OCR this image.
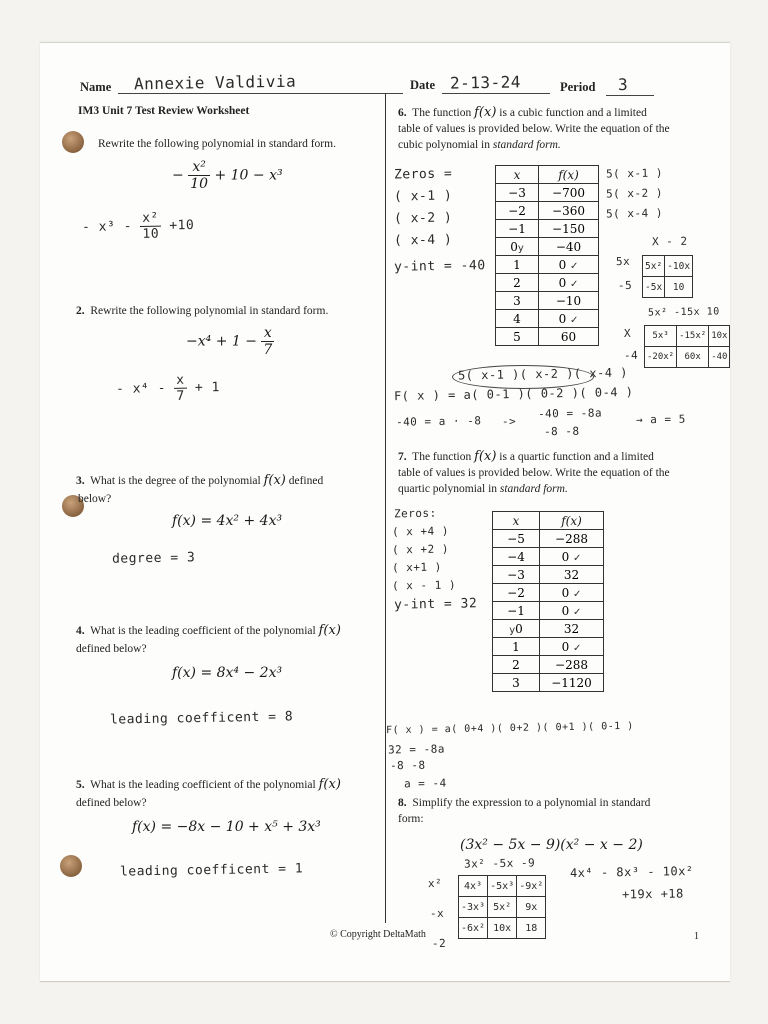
Name Annexie Valdivia	Date 2-13-24	Period 3
IM3 Unit 7 Test Review Worksheet
Rewrite the following polynomial in standard form.
− $\frac{\text{x²}}{10} + 10 - x^3$
- $x^3 - \frac{\text{x²}}{10} +10$
2. Rewrite the following polynomial in standard form.
$-x^4 + 1 - \frac{x}{7}$
- $x^4 - \frac{x}{7} + 1$
3. What is the degree of the polynomial f(x) defined
below?
f(x) = 4x² + 4x³
degree = 3
4. What is the leading coefficient of the polynomial f(x)
defined below?
f(x) = 8x⁴ − 2x³
leading coefficent = 8
5. What is the leading coefficient of the polynomial f(x)
defined below?
f(x) = −8x − 10 + x⁵ + 3x³
leading coefficent = 1
6. The function f(x) is a cubic function and a limited
table of values is provided below. Write the equation of the
cubic polynomial in standard form.
Zeros =
( x-1 )
( x-2 )
( x-4 )
y-int = -40
x	f(x)
−3	−700
−2	−360
−1	−150
0y	−40
1	0 ✓
2	0 ✓
3	−10
4	0 ✓
5	60
5( x-1 )
5( x-2 )
5( x-4 )
X - 2
5x
-5
5x²	-10x
-5x	10
5x² -15x 10
X
-4
5x³	-15x²	10x
-20x²	60x	-40
5( x-1 )( x-2 )( x-4 )
F( x ) = a( 0-1 )( 0-2 )( 0-4 )
-40 = a · -8 ->
-40 = -8a
-8 -8
→ a = 5
7. The function f(x) is a quartic function and a limited
table of values is provided below. Write the equation of the
quartic polynomial in standard form.
Zeros:
( x +4 )
( x +2 )
( x+1 )
( x - 1 )
y-int = 32
x	f(x)
−5	−288
−4	0 ✓
−3	32
−2	0 ✓
−1	0 ✓
y0	32
1	0 ✓
2	−288
3	−1120
F( x ) = a( 0+4 )( 0+2 )( 0+1 )( 0-1 )
32 = -8a
-8 -8
a = -4
8. Simplify the expression to a polynomial in standard
form:
(3x² − 5x − 9)(x² − x − 2)
3x² -5x -9
x²
-x
-2
4x³	-5x³	-9x²
-3x³	5x²	9x
-6x²	10x	18
4x⁴ - 8x³ - 10x²
+19x +18
© Copyright DeltaMath	1
